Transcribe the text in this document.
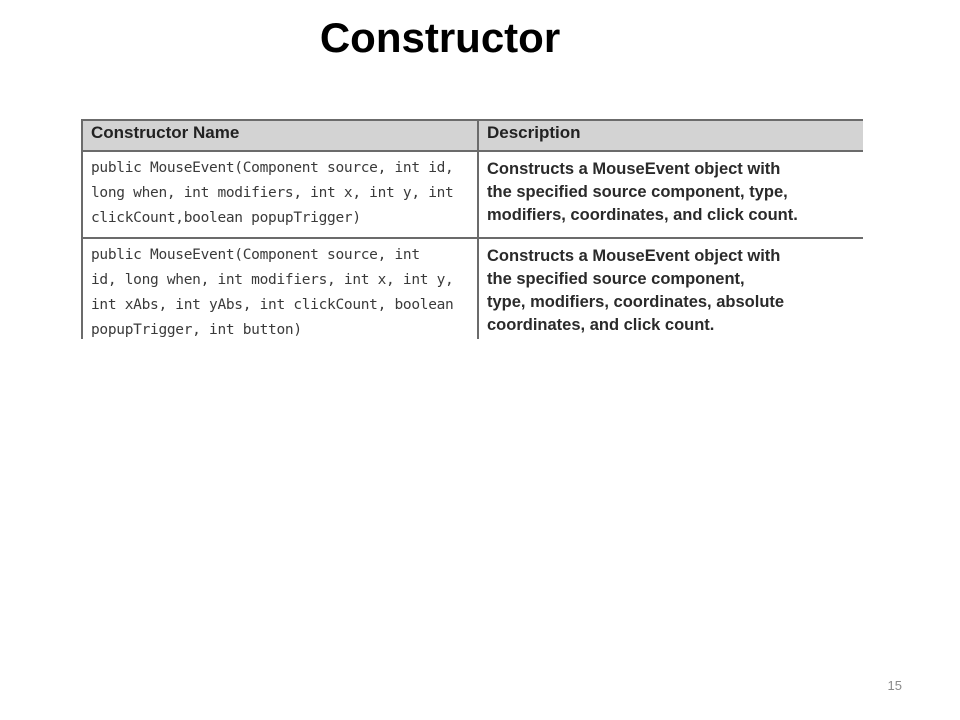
Constructor
Constructor Name	Description

public MouseEvent(Component source, int id,
long when, int modifiers, int x, int y, int
clickCount,boolean popupTrigger)	Constructs a MouseEvent object with
the specified source component, type,
modifiers, coordinates, and click count.

public MouseEvent(Component source, int
id, long when, int modifiers, int x, int y,
int xAbs, int yAbs, int clickCount, boolean
popupTrigger, int button)	Constructs a MouseEvent object with
the specified source component,
type, modifiers, coordinates, absolute
coordinates, and click count.
15
